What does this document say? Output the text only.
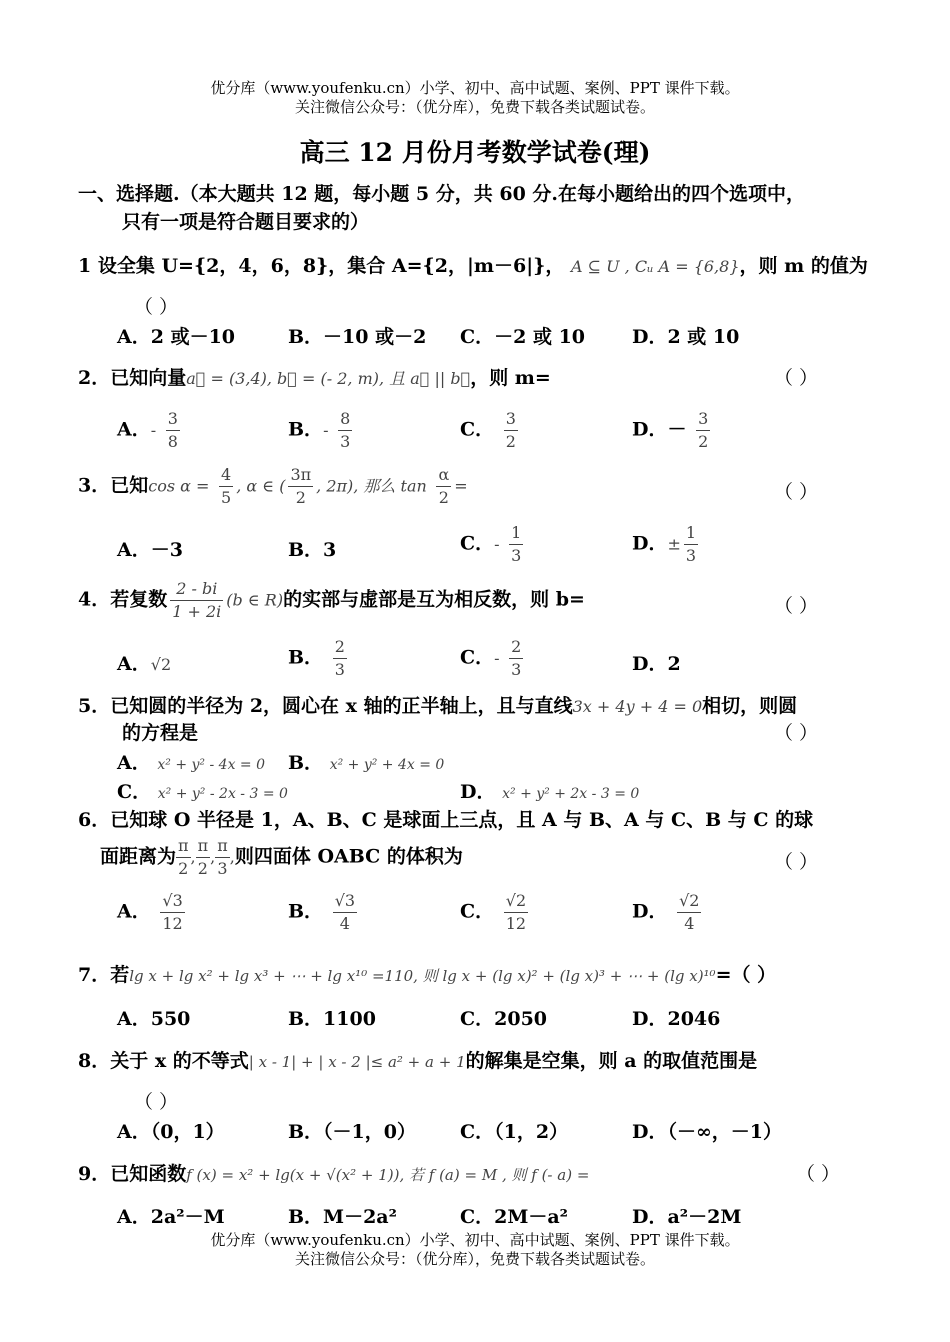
优分库（www.youfenku.cn）小学、初中、高中试题、案例、PPT 课件下载。
关注微信公众号：（优分库），免费下载各类试题试卷。
高三 12 月份月考数学试卷(理)
一、选择题.（本大题共 12 题，每小题 5 分，共 60 分.在每小题给出的四个选项中，
只有一项是符合题目要求的）
1 设全集 U={2，4，6，8}，集合 A={2，|m－6|}， A ⊆ U , Cᵤ A = {6,8}，则 m 的值为
（ ）
A．2 或－10	B．－10 或－2 C．－2 或 10 D．2 或 10
2．已知向量a⃗ = (3,4), b⃗ = (- 2, m), 且 a⃗ || b⃗，则 m=	（ ）
A．- $\frac{3}{8}$	B．- $\frac{8}{3}$	C． $\frac{3}{2}$	D．－ $\frac{3}{2}$
3．已知$\cos \alpha = \frac{4}{5}$ , α ∈ ( $\frac{3\pi}{2}$ , 2π), 那么 $\tan \frac{\alpha}{2}$ =	（ ）
A．－3	B．3	C．- $\frac{1}{3}$	D．± $\frac{1}{3}$
4．若复数 $\frac{2 - bi}{1 + 2i} (b$ ∈ R)的实部与虚部是互为相反数，则 b=	（ ）
A．√2	B． $\frac{2}{3}$	C．- $\frac{2}{3}$	D．2
5．已知圆的半径为 2，圆心在 x 轴的正半轴上，且与直线3x + 4y + 4 = 0相切，则圆
的方程是	（ ）
A． x² + y² - 4x = 0 B． x² + y² + 4x = 0
C． x² + y² - 2x - 3 = 0	D． x² + y² + 2x - 3 = 0
6．已知球 O 半径是 1，A、B、C 是球面上三点，且 A 与 B、A 与 C、B 与 C 的球
面距离为 $\frac{\pi}{2}$ , $\frac{\pi}{2}$ , $\frac{\pi}{3}$ ,则四面体 OABC 的体积为	（ ）
A． $\frac{√3}{12}$	B． $\frac{√3}{4}$	C． $\frac{√2}{12}$	D． $\frac{√2}{4}$
7．若lg x + lg x² + lg x³ + ⋯ + lg x¹⁰ =110, 则 lg x + (lg x)² + (lg x)³ + ⋯ + (lg x)¹⁰=（ ）
A．550	B．1100	C．2050	D．2046
8．关于 x 的不等式| x - 1| + | x - 2 |≤ a² + a + 1的解集是空集，则 a 的取值范围是
（ ）
A．（0，1）	B．（－1，0） C．（1，2）	D．（－∞，－1）
9．已知函数f (x) = x² + lg(x + √(x² + 1)), 若 f (a) = M , 则 f (- a) =	（ ）
A．2a²－M	B．M－2a²	C．2M－a²	D．a²－2M
优分库（www.youfenku.cn）小学、初中、高中试题、案例、PPT 课件下载。
关注微信公众号：（优分库），免费下载各类试题试卷。
